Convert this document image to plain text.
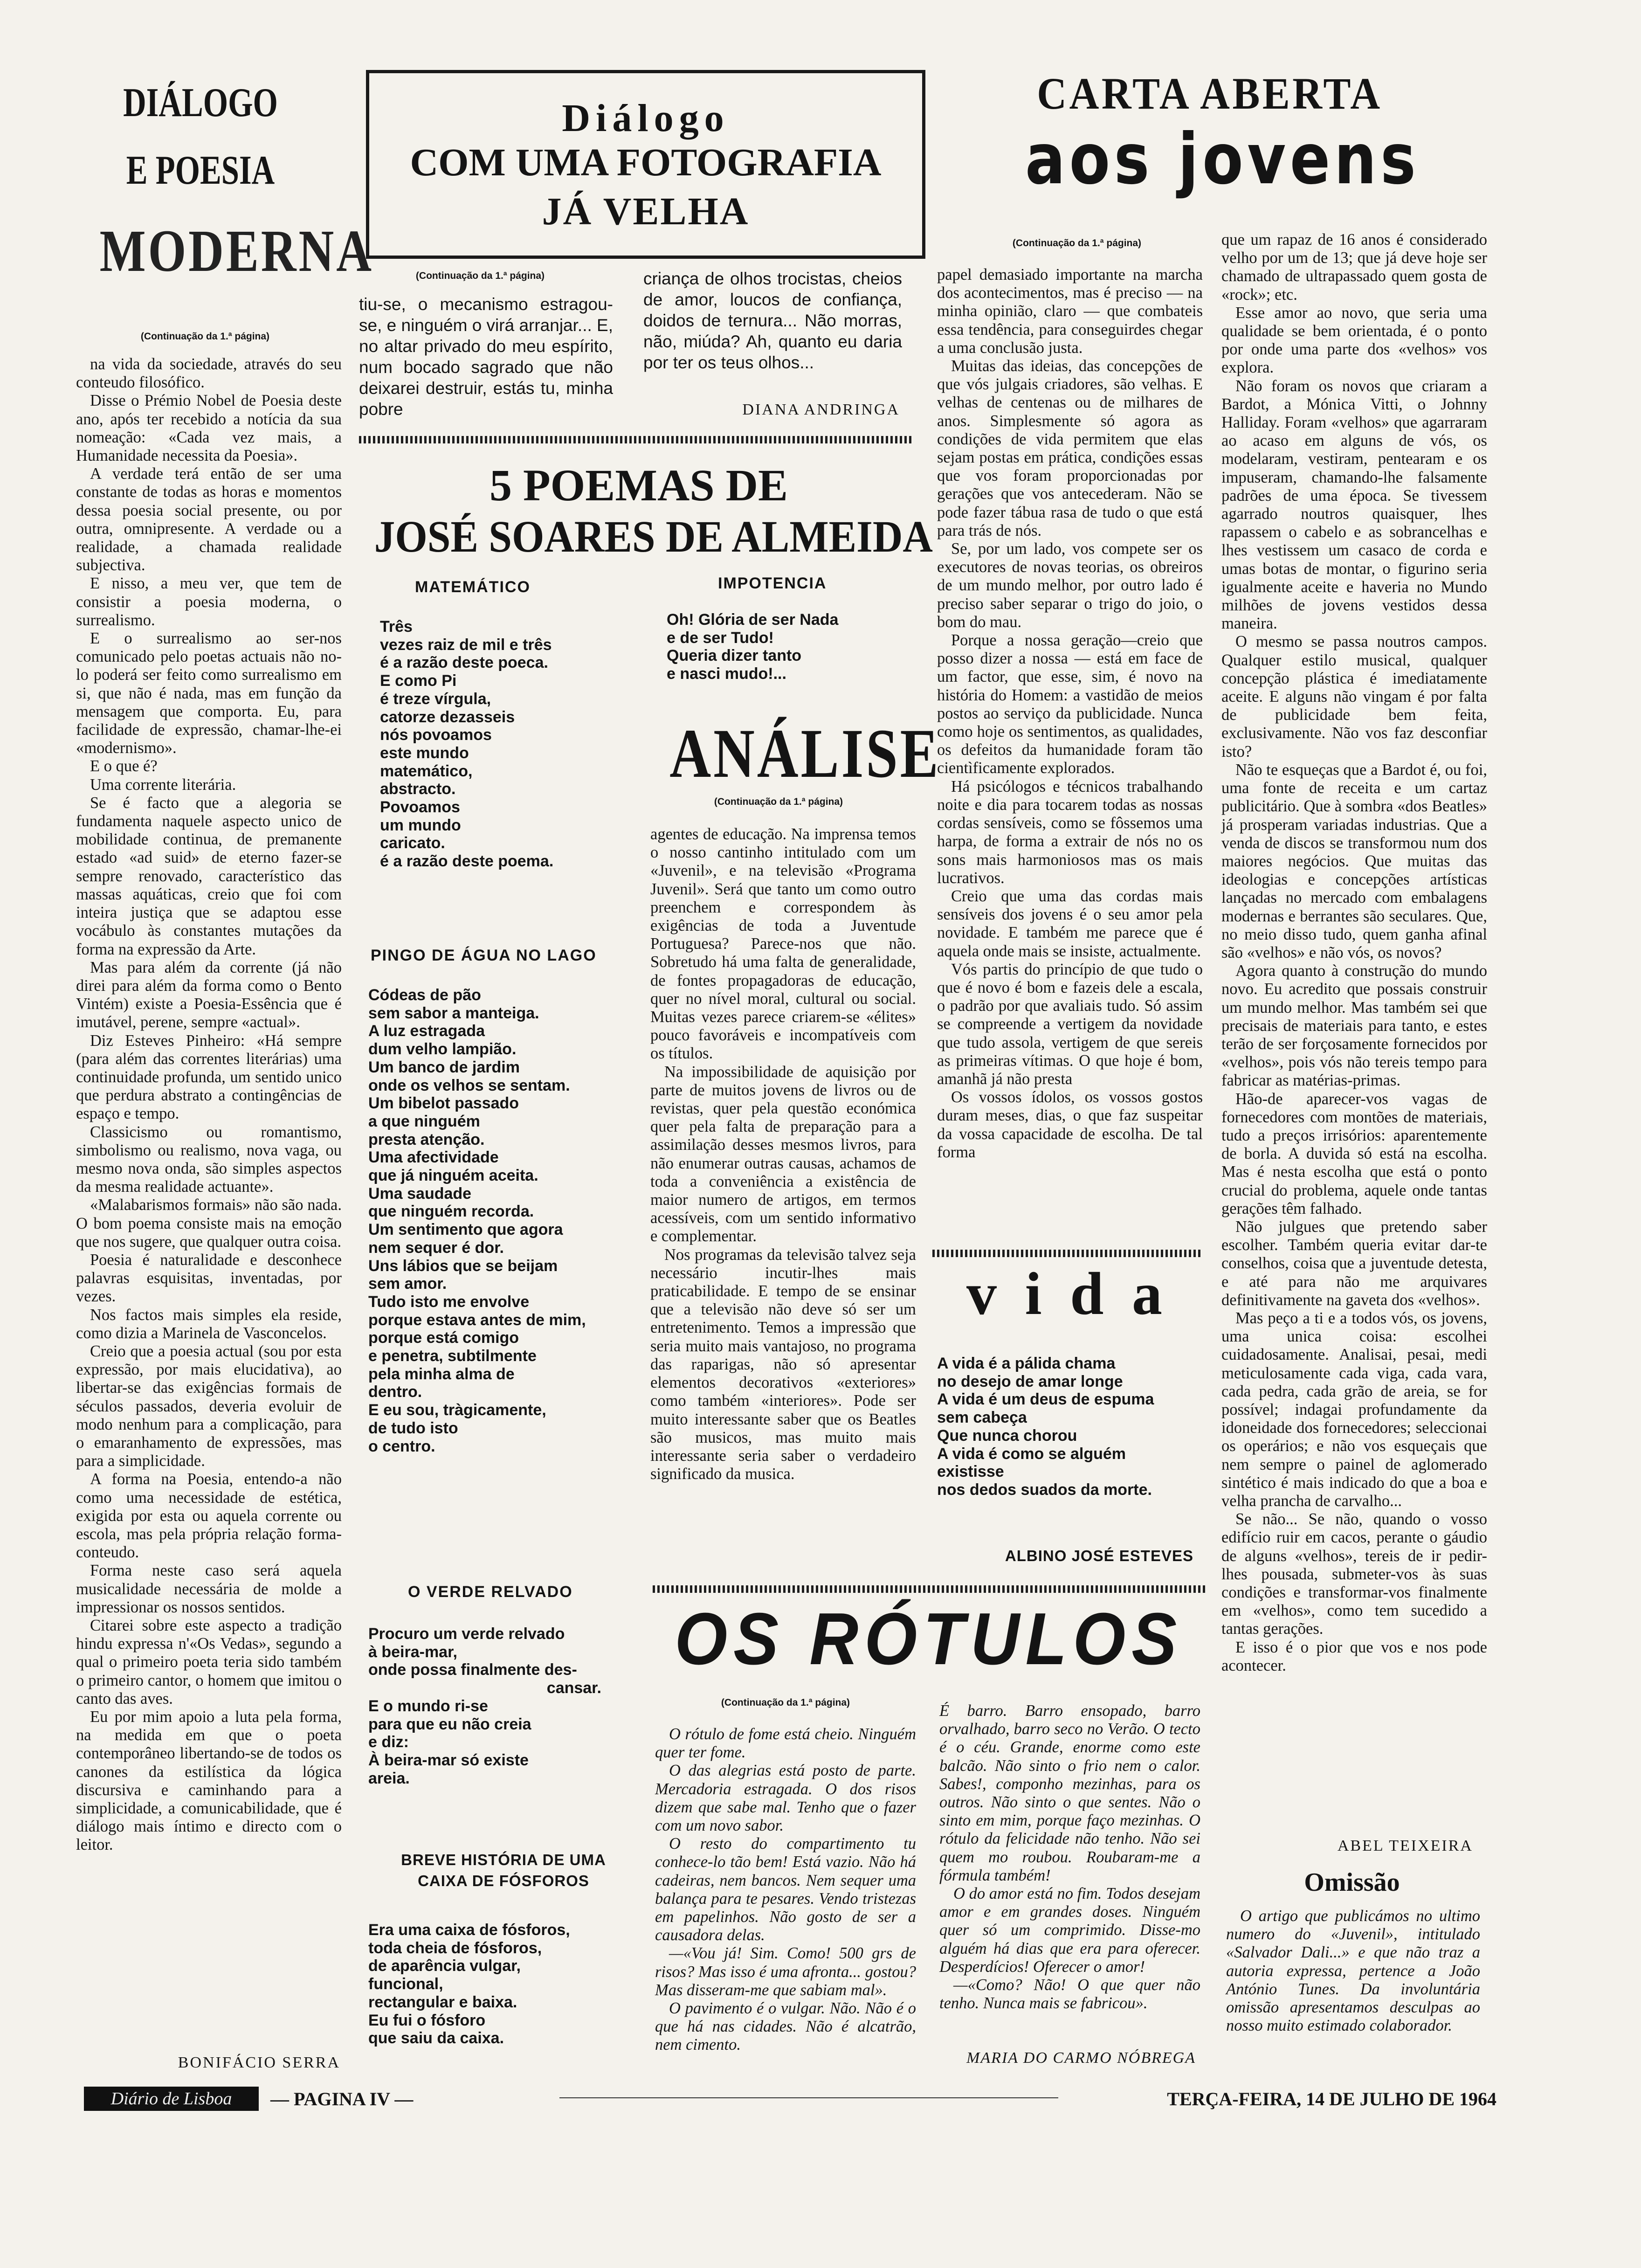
DIÁLOGO
E POESIA
MODERNA
(Continuação da 1.ª página)

na vida da sociedade, através do seu conteudo filosófico.

Disse o Prémio Nobel de Poesia deste ano, após ter recebido a notícia da sua nomeação: «Cada vez mais, a Humanidade necessita da Poesia».

A verdade terá então de ser uma constante de todas as horas e momentos dessa poesia social presente, ou por outra, omnipresente. A verdade ou a realidade, a chamada realidade subjectiva.

E nisso, a meu ver, que tem de consistir a poesia moderna, o surrealismo.

E o surrealismo ao ser-nos comunicado pelo poetas actuais não no-lo poderá ser feito como surrealismo em si, que não é nada, mas em função da mensagem que comporta. Eu, para facilidade de expressão, chamar-lhe-ei «modernismo».

E o que é?

Uma corrente literária.

Se é facto que a alegoria se fundamenta naquele aspecto unico de mobilidade continua, de premanente estado «ad suid» de eterno fazer-se sempre renovado, característico das massas aquáticas, creio que foi com inteira justiça que se adaptou esse vocábulo às constantes mutações da forma na expressão da Arte.

Mas para além da corrente (já não direi para além da forma como o Bento Vintém) existe a Poesia-Essência que é imutável, perene, sempre «actual».

Diz Esteves Pinheiro: «Há sempre (para além das correntes literárias) uma continuidade profunda, um sentido unico que perdura abstrato a contingências de espaço e tempo.

Classicismo ou romantismo, simbolismo ou realismo, nova vaga, ou mesmo nova onda, são simples aspectos da mesma realidade actuante».

«Malabarismos formais» não são nada. O bom poema consiste mais na emoção que nos sugere, que qualquer outra coisa.

Poesia é naturalidade e desconhece palavras esquisitas, inventadas, por vezes.

Nos factos mais simples ela reside, como dizia a Marinela de Vasconcelos.

Creio que a poesia actual (sou por esta expressão, por mais elucidativa), ao libertar-se das exigências formais de séculos passados, deveria evoluir de modo nenhum para a complicação, para o emaranhamento de expressões, mas para a simplicidade.

A forma na Poesia, entendo-a não como uma necessidade de estética, exigida por esta ou aquela corrente ou escola, mas pela própria relação forma-conteudo.

Forma neste caso será aquela musicalidade necessária de molde a impressionar os nossos sentidos.

Citarei sobre este aspecto a tradição hindu expressa n'«Os Vedas», segundo a qual o primeiro poeta teria sido também o primeiro cantor, o homem que imitou o canto das aves.

Eu por mim apoio a luta pela forma, na medida em que o poeta contemporâneo libertando-se de todos os canones da estilística da lógica discursiva e caminhando para a simplicidade, a comunicabilidade, que é diálogo mais íntimo e directo com o leitor.

BONIFÁCIO SERRA
Diálogo
COM UMA FOTOGRAFIA
JÁ VELHA
(Continuação da 1.ª página)
tiu-se, o mecanismo estragou-se, e ninguém o virá arranjar... E, no altar privado do meu espírito, num bocado sagrado que não deixarei destruir, estás tu, minha pobre
criança de olhos trocistas, cheios de amor, loucos de confiança, doidos de ternura... Não morras, não, miúda? Ah, quanto eu daria por ter os teus olhos...
DIANA ANDRINGA
5 POEMAS DE
JOSÉ SOARES DE ALMEIDA
MATEMÁTICO
Três
vezes raiz de mil e três
é a razão deste poeca.
E como Pi
é treze vírgula,
catorze dezasseis
nós povoamos
este mundo
matemático,
abstracto.
Povoamos
um mundo
caricato.
é a razão deste poema.
IMPOTENCIA
Oh! Glória de ser Nada
e de ser Tudo!
Queria dizer tanto
e nasci mudo!...
PINGO DE ÁGUA NO LAGO
Códeas de pão
sem sabor a manteiga.
A luz estragada
dum velho lampião.
Um banco de jardim
onde os velhos se sentam.
Um bibelot passado
a que ninguém
presta atenção.
Uma afectividade
que já ninguém aceita.
Uma saudade
que ninguém recorda.
Um sentimento que agora
nem sequer é dor.
Uns lábios que se beijam
sem amor.
Tudo isto me envolve
porque estava antes de mim,
porque está comigo
e penetra, subtilmente
pela minha alma de
dentro.
E eu sou, tràgicamente,
de tudo isto
o centro.
O VERDE RELVADO
Procuro um verde relvado
à beira-mar,
onde possa finalmente des-
cansar.
E o mundo ri-se
para que eu não creia
e diz:
À beira-mar só existe
areia.
BREVE HISTÓRIA DE UMA
CAIXA DE FÓSFOROS
Era uma caixa de fósforos,
toda cheia de fósforos,
de aparência vulgar,
funcional,
rectangular e baixa.
Eu fui o fósforo
que saiu da caixa.
ANÁLISE
(Continuação da 1.ª página)

agentes de educação. Na imprensa temos o nosso cantinho intitulado com um «Juvenil», e na televisão «Programa Juvenil». Será que tanto um como outro preenchem e correspondem às exigências de toda a Juventude Portuguesa? Parece-nos que não. Sobretudo há uma falta de generalidade, de fontes propagadoras de educação, quer no nível moral, cultural ou social. Muitas vezes parece criarem-se «élites» pouco favoráveis e incompatíveis com os títulos.

Na impossibilidade de aquisição por parte de muitos jovens de livros ou de revistas, quer pela questão económica quer pela falta de preparação para a assimilação desses mesmos livros, para não enumerar outras causas, achamos de toda a conveniência a existência de maior numero de artigos, em termos acessíveis, com um sentido informativo e complementar.

Nos programas da televisão talvez seja necessário incutir-lhes mais praticabilidade. E tempo de se ensinar que a televisão não deve só ser um entretenimento. Temos a impressão que seria muito mais vantajoso, no programa das raparigas, não só apresentar elementos decorativos «exteriores» como também «interiores». Pode ser muito interessante saber que os Beatles são musicos, mas muito mais interessante seria saber o verdadeiro significado da musica.

CARTA ABERTA
aos jovens
(Continuação da 1.ª página)

papel demasiado importante na marcha dos acontecimentos, mas é preciso — na minha opinião, claro — que combateis essa tendência, para conseguirdes chegar a uma conclusão justa.

Muitas das ideias, das concepções de que vós julgais criadores, são velhas. E velhas de centenas ou de milhares de anos. Simplesmente só agora as condições de vida permitem que elas sejam postas em prática, condições essas que vos foram proporcionadas por gerações que vos antecederam. Não se pode fazer tábua rasa de tudo o que está para trás de nós.

Se, por um lado, vos compete ser os executores de novas teorias, os obreiros de um mundo melhor, por outro lado é preciso saber separar o trigo do joio, o bom do mau.

Porque a nossa geração—creio que posso dizer a nossa — está em face de um factor, que esse, sim, é novo na história do Homem: a vastidão de meios postos ao serviço da publicidade. Nunca como hoje os sentimentos, as qualidades, os defeitos da humanidade foram tão cientìficamente explorados.

Há psicólogos e técnicos trabalhando noite e dia para tocarem todas as nossas cordas sensíveis, como se fôssemos uma harpa, de forma a extrair de nós no os sons mais harmoniosos mas os mais lucrativos.

Creio que uma das cordas mais sensíveis dos jovens é o seu amor pela novidade. E também me parece que é aquela onde mais se insiste, actualmente.

Vós partis do princípio de que tudo o que é novo é bom e fazeis dele a escala, o padrão por que avaliais tudo. Só assim se compreende a vertigem da novidade que tudo assola, vertigem de que sereis as primeiras vítimas. O que hoje é bom, amanhã já não presta

Os vossos ídolos, os vossos gostos duram meses, dias, o que faz suspeitar da vossa capacidade de escolha. De tal forma

que um rapaz de 16 anos é considerado velho por um de 13; que já deve hoje ser chamado de ultrapassado quem gosta de «rock»; etc.

Esse amor ao novo, que seria uma qualidade se bem orientada, é o ponto por onde uma parte dos «velhos» vos explora.

Não foram os novos que criaram a Bardot, a Mónica Vitti, o Johnny Halliday. Foram «velhos» que agarraram ao acaso em alguns de vós, os modelaram, vestiram, pentearam e os impuseram, chamando-lhe falsamente padrões de uma época. Se tivessem agarrado noutros quaisquer, lhes rapassem o cabelo e as sobrancelhas e lhes vestissem um casaco de corda e umas botas de montar, o figurino seria igualmente aceite e haveria no Mundo milhões de jovens vestidos dessa maneira.

O mesmo se passa noutros campos. Qualquer estilo musical, qualquer concepção plástica é imediatamente aceite. E alguns não vingam é por falta de publicidade bem feita, exclusivamente. Não vos faz desconfiar isto?

Não te esqueças que a Bardot é, ou foi, uma fonte de receita e um cartaz publicitário. Que à sombra «dos Beatles» já prosperam variadas industrias. Que a venda de discos se transformou num dos maiores negócios. Que muitas das ideologias e concepções artísticas lançadas no mercado com embalagens modernas e berrantes são seculares. Que, no meio disso tudo, quem ganha afinal são «velhos» e não vós, os novos?

Agora quanto à construção do mundo novo. Eu acredito que possais construir um mundo melhor. Mas também sei que precisais de materiais para tanto, e estes terão de ser forçosamente fornecidos por «velhos», pois vós não tereis tempo para fabricar as matérias-primas.

Hão-de aparecer-vos vagas de fornecedores com montões de materiais, tudo a preços irrisórios: aparentemente de borla. A duvida só está na escolha. Mas é nesta escolha que está o ponto crucial do problema, aquele onde tantas gerações têm falhado.

Não julgues que pretendo saber escolher. Também queria evitar dar-te conselhos, coisa que a juventude detesta, e até para não me arquivares definitivamente na gaveta dos «velhos».

Mas peço a ti e a todos vós, os jovens, uma unica coisa: escolhei cuidadosamente. Analisai, pesai, medi meticulosamente cada viga, cada vara, cada pedra, cada grão de areia, se for possível; indagai profundamente da idoneidade dos fornecedores; seleccionai os operários; e não vos esqueçais que nem sempre o painel de aglomerado sintético é mais indicado do que a boa e velha prancha de carvalho...

Se não... Se não, quando o vosso edifício ruir em cacos, perante o gáudio de alguns «velhos», tereis de ir pedir-lhes pousada, submeter-vos às suas condições e transformar-vos finalmente em «velhos», como tem sucedido a tantas gerações.

E isso é o pior que vos e nos pode acontecer.

ABEL TEIXEIRA
v i d a
A vida é a pálida chama
no desejo de amar longe
A vida é um deus de espuma
sem cabeça
Que nunca chorou
A vida é como se alguém
existisse
nos dedos suados da morte.
ALBINO JOSÉ ESTEVES
OS RÓTULOS
(Continuação da 1.ª página)

O rótulo de fome está cheio. Ninguém quer ter fome.

O das alegrias está posto de parte. Mercadoria estragada. O dos risos dizem que sabe mal. Tenho que o fazer com um novo sabor.

O resto do compartimento tu conhece-lo tão bem! Está vazio. Não há cadeiras, nem bancos. Nem sequer uma balança para te pesares. Vendo tristezas em papelinhos. Não gosto de ser a causadora delas.

—«Vou já! Sim. Como! 500 grs de risos? Mas isso é uma afronta... gostou? Mas disseram-me que sabiam mal».

O pavimento é o vulgar. Não. Não é o que há nas cidades. Não é alcatrão, nem cimento.

É barro. Barro ensopado, barro orvalhado, barro seco no Verão. O tecto é o céu. Grande, enorme como este balcão. Não sinto o frio nem o calor. Sabes!, componho mezinhas, para os outros. Não sinto o que sentes. Não o sinto em mim, porque faço mezinhas. O rótulo da felicidade não tenho. Não sei quem mo roubou. Roubaram-me a fórmula também!

O do amor está no fim. Todos desejam amor e em grandes doses. Ninguém quer só um comprimido. Disse-mo alguém há dias que era para oferecer. Desperdícios! Oferecer o amor!

—«Como? Não! O que quer não tenho. Nunca mais se fabricou».

MARIA DO CARMO NÓBREGA
Omissão

O artigo que publicámos no ultimo numero do «Juvenil», intitulado «Salvador Dali...» e que não traz a autoria expressa, pertence a João António Tunes. Da involuntária omissão apresentamos desculpas ao nosso muito estimado colaborador.

Diário de Lisboa	— PAGINA IV —	TERÇA-FEIRA, 14 DE JULHO DE 1964
